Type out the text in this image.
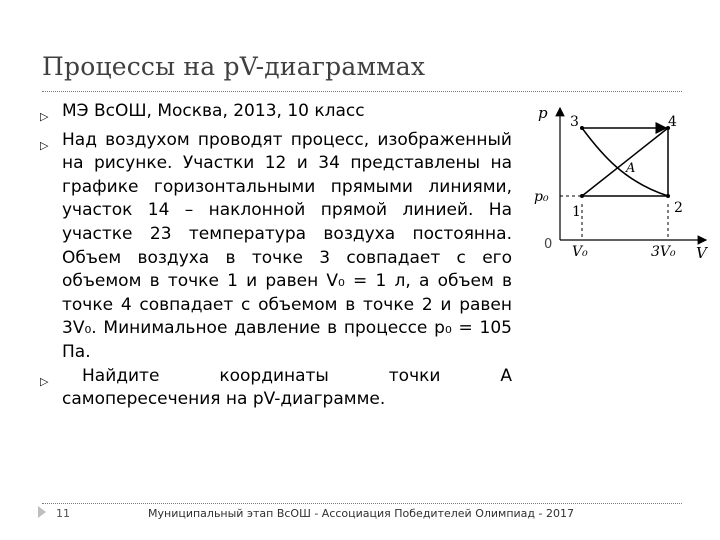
Процессы на pV-диаграммах
▷ МЭ ВсОШ, Москва, 2013, 10 класс
▷ Над воздухом проводят процесс, изображенный на рисунке. Участки 12 и 34 представлены на графике горизонтальными прямыми линиями, участок 14 – наклонной прямой линией. На участке 23 температура воздуха постоянна. Объем воздуха в точке 3 совпадает с его объемом в точке 1 и равен V₀ = 1 л, а объем в точке 4 совпадает с объемом в точке 2 и равен 3V₀. Минимальное давление в процессе p₀ = 105 Па.
▷	Найдите координаты точки А самопересечения на pV-диаграмме.
p
V
0
p₀
V₀	3V₀
1	2
3	4
A
11	Муниципальный этап ВсОШ - Ассоциация Победителей Олимпиад - 2017
